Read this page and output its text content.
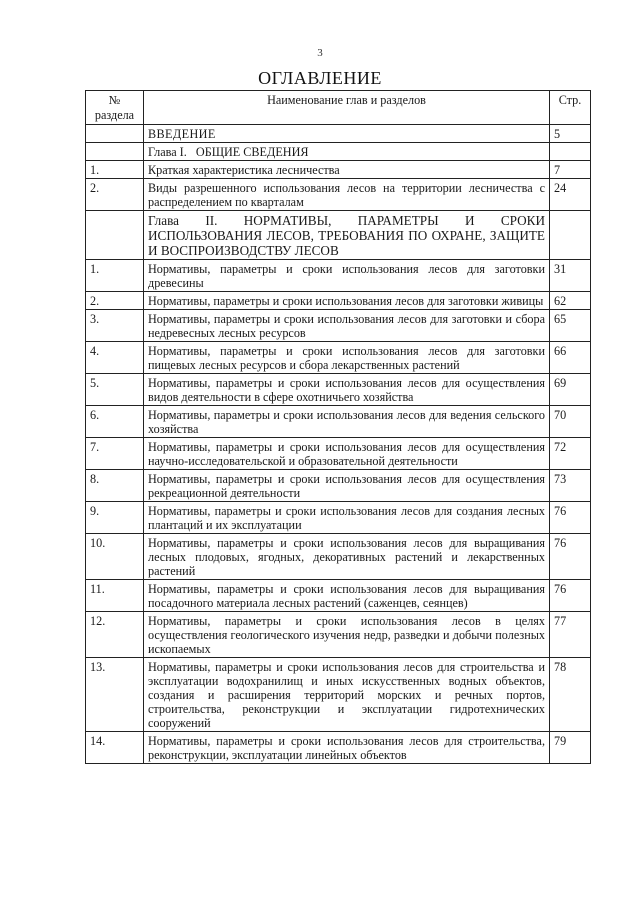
3
ОГЛАВЛЕНИЕ
№ раздела	Наименование глав и разделов	Стр.
	ВВЕДЕНИЕ	5
	Глава I.   ОБЩИЕ СВЕДЕНИЯ	
1.	Краткая характеристика лесничества	7
2.	Виды разрешенного использования лесов на территории лесничества с распределением по кварталам	24
	Глава II. НОРМАТИВЫ, ПАРАМЕТРЫ И СРОКИ ИСПОЛЬЗОВАНИЯ ЛЕСОВ, ТРЕБОВАНИЯ ПО ОХРАНЕ, ЗАЩИТЕ И ВОСПРОИЗВОДСТВУ ЛЕСОВ	
1.	Нормативы, параметры и сроки использования лесов для заготовки древесины	31
2.	Нормативы, параметры и сроки использования лесов для заготовки живицы	62
3.	Нормативы, параметры и сроки использования лесов для заготовки и сбора недревесных лесных ресурсов	65
4.	Нормативы, параметры и сроки использования лесов для заготовки пищевых лесных ресурсов и сбора лекарственных растений	66
5.	Нормативы, параметры и сроки использования лесов для осуществления видов деятельности в сфере охотничьего хозяйства	69
6.	Нормативы, параметры и сроки использования лесов для ведения сельского хозяйства	70
7.	Нормативы, параметры и сроки использования лесов для осуществления научно-исследовательской и образовательной деятельности	72
8.	Нормативы, параметры и сроки использования лесов для осуществления рекреационной деятельности	73
9.	Нормативы, параметры и сроки использования лесов для создания лесных плантаций и их эксплуатации	76
10.	Нормативы, параметры и сроки использования лесов для выращивания лесных плодовых, ягодных, декоративных растений и лекарственных растений	76
11.	Нормативы, параметры и сроки использования лесов для выращивания посадочного материала лесных растений (саженцев, сеянцев)	76
12.	Нормативы, параметры и сроки использования лесов в целях осуществления геологического изучения недр, разведки и добычи полезных ископаемых	77
13.	Нормативы, параметры и сроки использования лесов для строительства и эксплуатации водохранилищ и иных искусственных водных объектов, создания и расширения территорий морских и речных портов, строительства, реконструкции и эксплуатации гидротехнических сооружений	78
14.	Нормативы, параметры и сроки использования лесов для строительства, реконструкции, эксплуатации линейных объектов	79
